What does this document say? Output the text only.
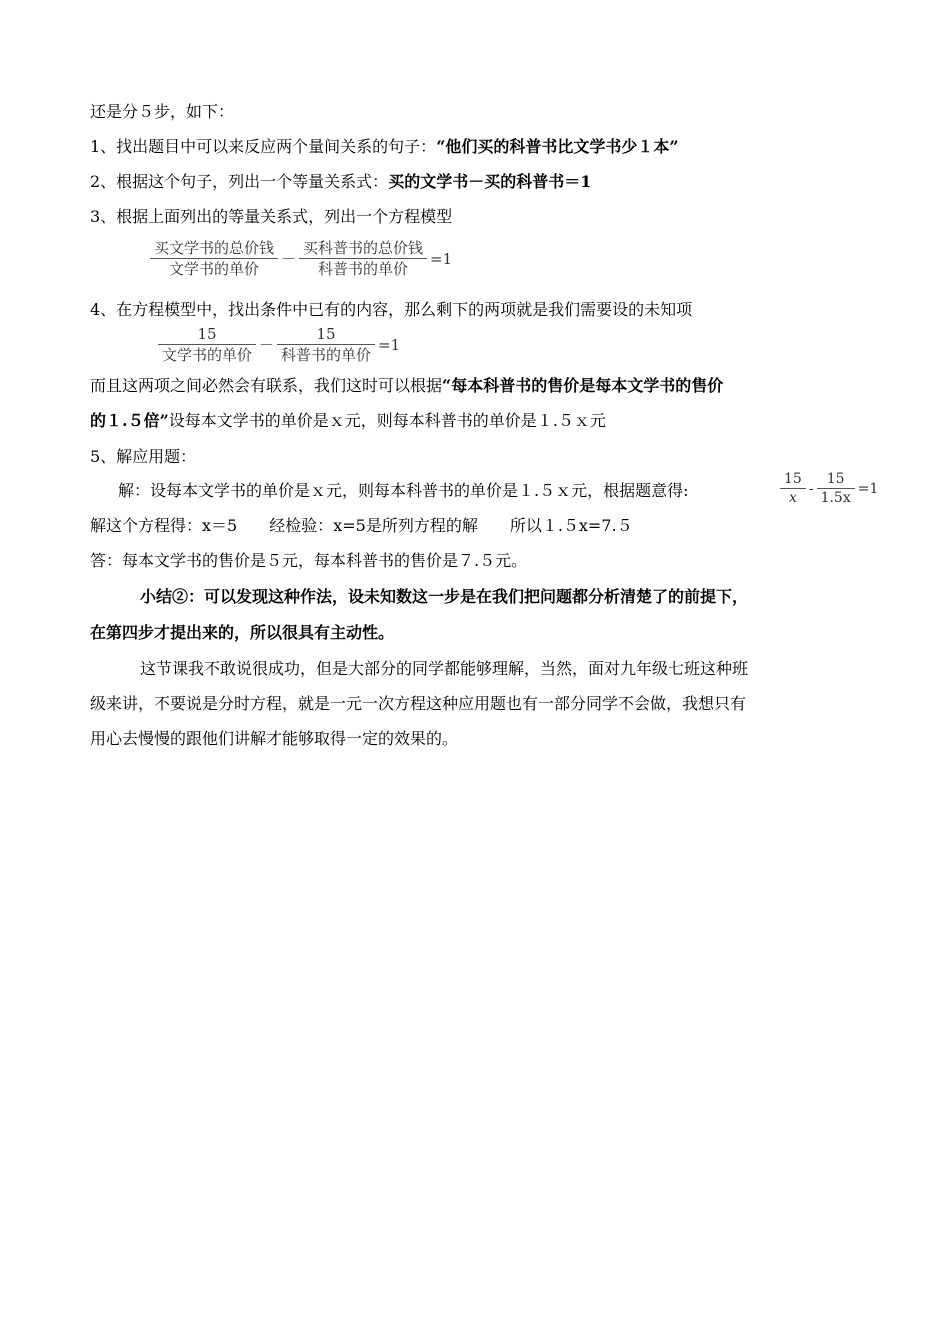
还是分５步，如下：
1、找出题目中可以来反应两个量间关系的句子：“他们买的科普书比文学书少１本”
2、根据这个句子，列出一个等量关系式：买的文学书－买的科普书＝1
3、根据上面列出的等量关系式，列出一个方程模型
$\frac{\text{买文学书的总价钱}}{\text{文学书的单价}} - \frac{\text{买科普书的总价钱}}{\text{科普书的单价}} =1$
4、在方程模型中，找出条件中已有的内容，那么剩下的两项就是我们需要设的未知项
$\frac{15}{\text{文学书的单价}} - \frac{15}{\text{科普书的单价}} =1$
而且这两项之间必然会有联系，我们这时可以根据“每本科普书的售价是每本文学书的售价
的１.５倍”设每本文学书的单价是ｘ元，则每本科普书的单价是１.５ｘ元
5、解应用题：
解：设每本文学书的单价是ｘ元，则每本科普书的单价是１.５ｘ元，根据题意得:	$\frac{15}{x} - \frac{15}{1.5x} =1$
解这个方程得：x＝5　　经检验：x=5是所列方程的解　　所以１.５x=7.５
答：每本文学书的售价是５元，每本科普书的售价是７.５元。
小结②：可以发现这种作法，设未知数这一步是在我们把问题都分析清楚了的前提下，
在第四步才提出来的，所以很具有主动性。
这节课我不敢说很成功，但是大部分的同学都能够理解，当然，面对九年级七班这种班
级来讲，不要说是分时方程，就是一元一次方程这种应用题也有一部分同学不会做，我想只有
用心去慢慢的跟他们讲解才能够取得一定的效果的。
